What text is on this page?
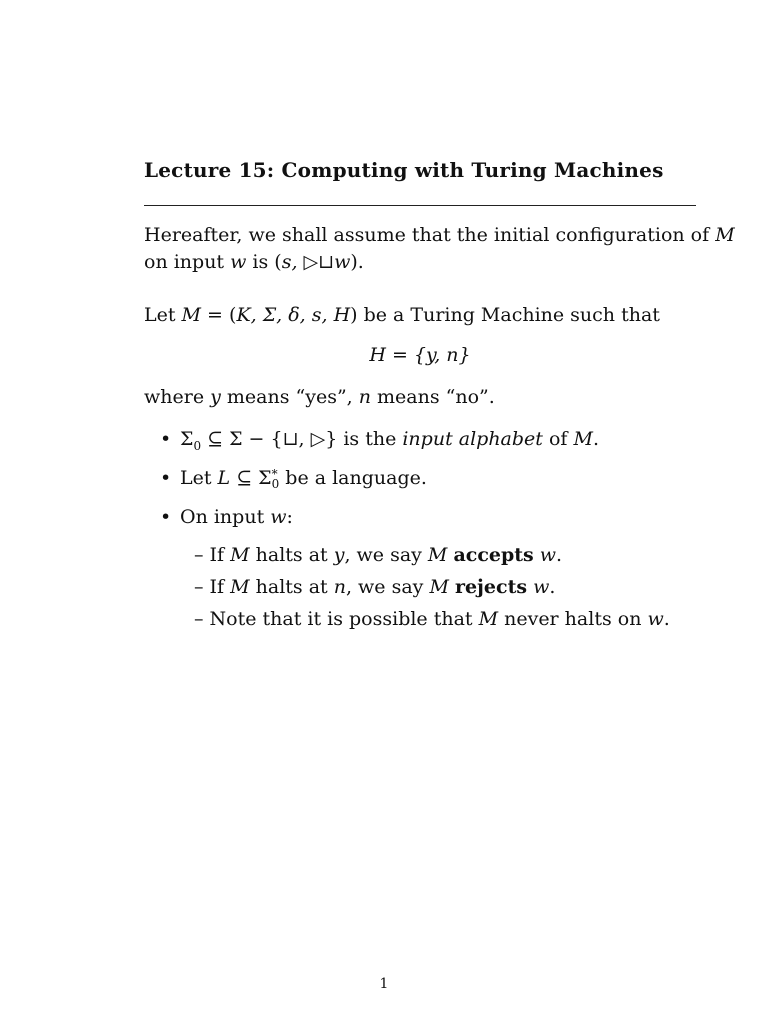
Lecture 15: Computing with Turing Machines
Hereafter, we shall assume that the initial configuration of M
on input w is (s, ▷⊔w).
Let M = (K, Σ, δ, s, H) be a Turing Machine such that
H = {y, n}
where y means “yes”, n means “no”.
• $\Sigma_0$ ⊆ Σ − {⊔, ▷} is the input alphabet of M.
• Let L ⊆ Σ *
0 be a language.
• On input w:
– If M halts at y, we say M accepts w.
– If M halts at n, we say M rejects w.
– Note that it is possible that M never halts on w.
1
